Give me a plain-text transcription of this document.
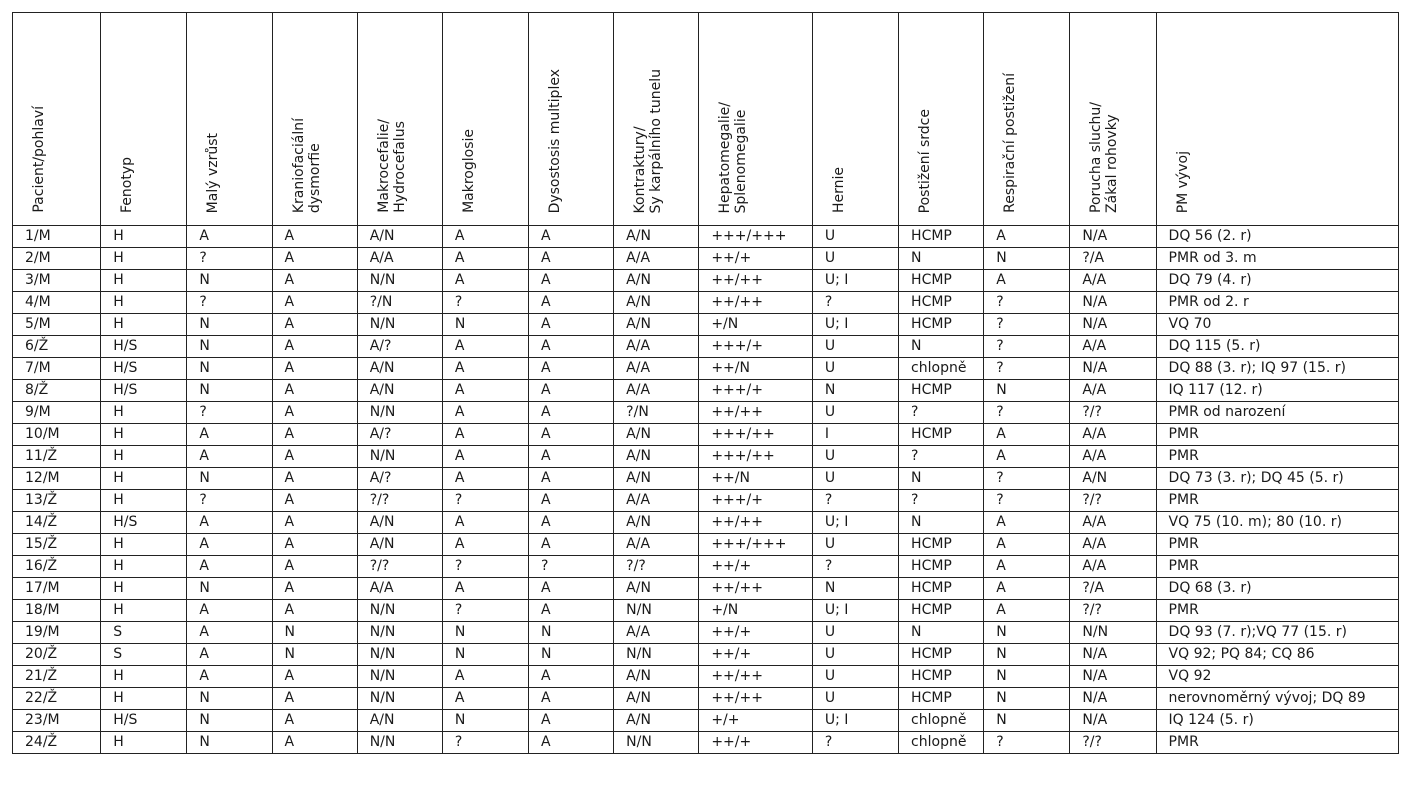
Pacient/pohlaví	Fenotyp	Malý vzrůst	Kraniofaciální dysmorfie	Makrocefalie/ Hydrocefalus	Makroglosie	Dysostosis multiplex	Kontraktury/ Sy karpálního tunelu	Hepatomegalie/ Splenomegalie	Hernie	Postižení srdce	Respirační postižení	Porucha sluchu/ Zákal rohovky	PM vývoj

1/M	H	A	A	A/N	A	A	A/N	+++/+++	U	HCMP	A	N/A	DQ 56 (2. r)
2/M	H	?	A	A/A	A	A	A/A	++/+	U	N	N	?/A	PMR od 3. m
3/M	H	N	A	N/N	A	A	A/N	++/++	U; I	HCMP	A	A/A	DQ 79 (4. r)
4/M	H	?	A	?/N	?	A	A/N	++/++	?	HCMP	?	N/A	PMR od 2. r
5/M	H	N	A	N/N	N	A	A/N	+/N	U; I	HCMP	?	N/A	VQ 70
6/Ž	H/S	N	A	A/?	A	A	A/A	+++/+	U	N	?	A/A	DQ 115 (5. r)
7/M	H/S	N	A	A/N	A	A	A/A	++/N	U	chlopně	?	N/A	DQ 88 (3. r); IQ 97 (15. r)
8/Ž	H/S	N	A	A/N	A	A	A/A	+++/+	N	HCMP	N	A/A	IQ 117 (12. r)
9/M	H	?	A	N/N	A	A	?/N	++/++	U	?	?	?/?	PMR od narození
10/M	H	A	A	A/?	A	A	A/N	+++/++	I	HCMP	A	A/A	PMR
11/Ž	H	A	A	N/N	A	A	A/N	+++/++	U	?	A	A/A	PMR
12/M	H	N	A	A/?	A	A	A/N	++/N	U	N	?	A/N	DQ 73 (3. r); DQ 45 (5. r)
13/Ž	H	?	A	?/?	?	A	A/A	+++/+	?	?	?	?/?	PMR
14/Ž	H/S	A	A	A/N	A	A	A/N	++/++	U; I	N	A	A/A	VQ 75 (10. m); 80 (10. r)
15/Ž	H	A	A	A/N	A	A	A/A	+++/+++	U	HCMP	A	A/A	PMR
16/Ž	H	A	A	?/?	?	?	?/?	++/+	?	HCMP	A	A/A	PMR
17/M	H	N	A	A/A	A	A	A/N	++/++	N	HCMP	A	?/A	DQ 68 (3. r)
18/M	H	A	A	N/N	?	A	N/N	+/N	U; I	HCMP	A	?/?	PMR
19/M	S	A	N	N/N	N	N	A/A	++/+	U	N	N	N/N	DQ 93 (7. r);VQ 77 (15. r)
20/Ž	S	A	N	N/N	N	N	N/N	++/+	U	HCMP	N	N/A	VQ 92; PQ 84; CQ 86
21/Ž	H	A	A	N/N	A	A	A/N	++/++	U	HCMP	N	N/A	VQ 92
22/Ž	H	N	A	N/N	A	A	A/N	++/++	U	HCMP	N	N/A	nerovnoměrný vývoj; DQ 89
23/M	H/S	N	A	A/N	N	A	A/N	+/+	U; I	chlopně	N	N/A	IQ 124 (5. r)
24/Ž	H	N	A	N/N	?	A	N/N	++/+	?	chlopně	?	?/?	PMR
